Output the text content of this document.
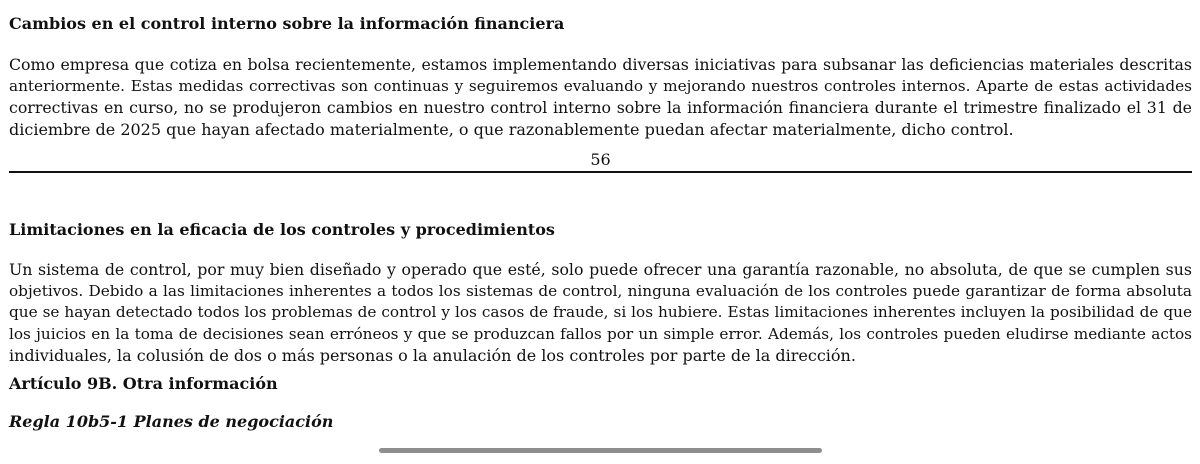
Cambios en el control interno sobre la información financiera

Como empresa que cotiza en bolsa recientemente, estamos implementando diversas iniciativas para subsanar las deficiencias materiales descritas
anteriormente. Estas medidas correctivas son continuas y seguiremos evaluando y mejorando nuestros controles internos. Aparte de estas actividades
correctivas en curso, no se produjeron cambios en nuestro control interno sobre la información financiera durante el trimestre finalizado el 31 de
diciembre de 2025 que hayan afectado materialmente, o que razonablemente puedan afectar materialmente, dicho control.

56
Limitaciones en la eficacia de los controles y procedimientos

Un sistema de control, por muy bien diseñado y operado que esté, solo puede ofrecer una garantía razonable, no absoluta, de que se cumplen sus
objetivos. Debido a las limitaciones inherentes a todos los sistemas de control, ninguna evaluación de los controles puede garantizar de forma absoluta
que se hayan detectado todos los problemas de control y los casos de fraude, si los hubiere. Estas limitaciones inherentes incluyen la posibilidad de que
los juicios en la toma de decisiones sean erróneos y que se produzcan fallos por un simple error. Además, los controles pueden eludirse mediante actos
individuales, la colusión de dos o más personas o la anulación de los controles por parte de la dirección.

Artículo 9B. Otra información
Regla 10b5-1 Planes de negociación
